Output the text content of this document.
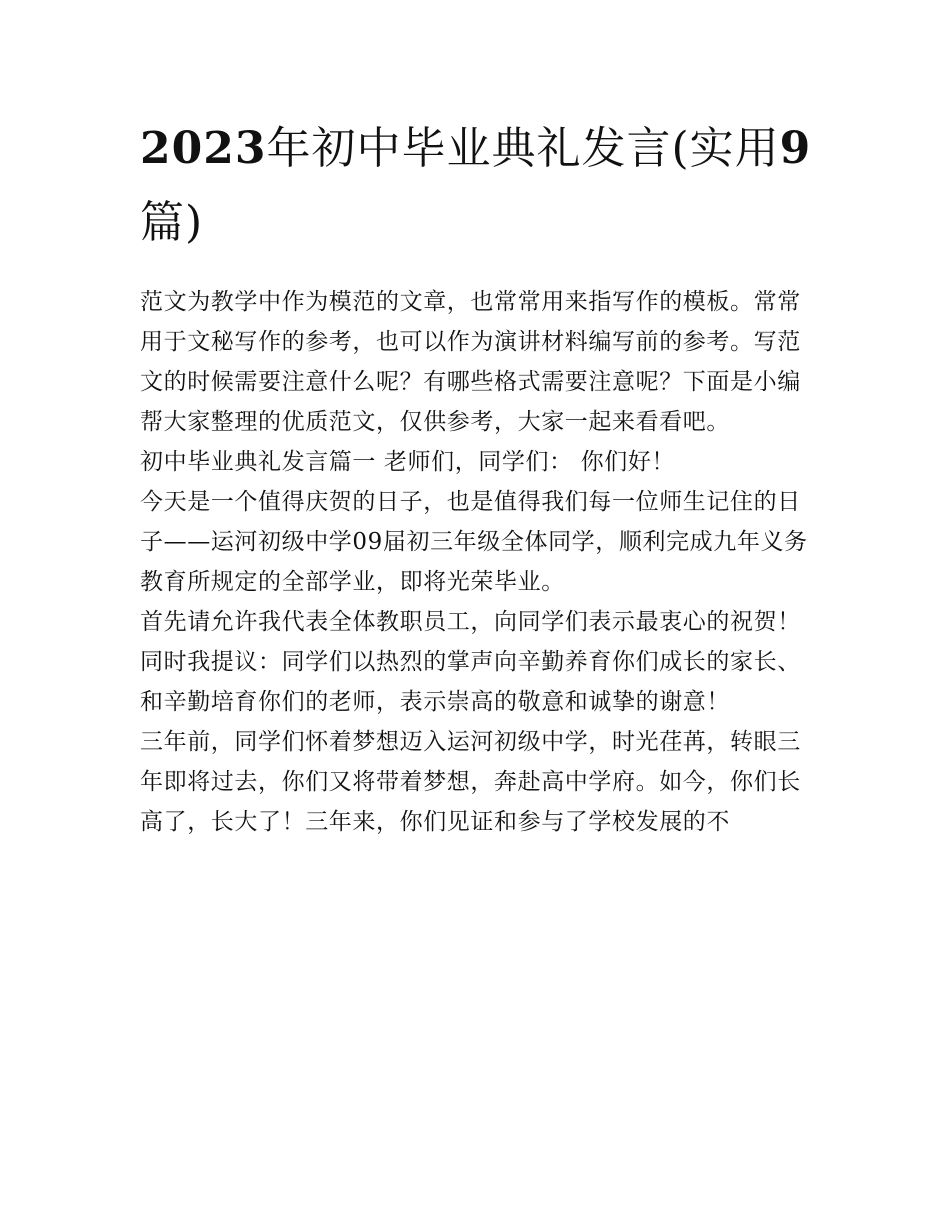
2023年初中毕业典礼发言(实用9篇)

范文为教学中作为模范的文章，也常常用来指写作的模板。常常用于文秘写作的参考，也可以作为演讲材料编写前的参考。写范文的时候需要注意什么呢？有哪些格式需要注意呢？下面是小编帮大家整理的优质范文，仅供参考，大家一起来看看吧。

初中毕业典礼发言篇一 老师们，同学们： 你们好！

今天是一个值得庆贺的日子，也是值得我们每一位师生记住的日子——运河初级中学09届初三年级全体同学，顺利完成九年义务教育所规定的全部学业，即将光荣毕业。

首先请允许我代表全体教职员工，向同学们表示最衷心的祝贺！同时我提议：同学们以热烈的掌声向辛勤养育你们成长的家长、和辛勤培育你们的老师，表示崇高的敬意和诚挚的谢意！

三年前，同学们怀着梦想迈入运河初级中学，时光荏苒，转眼三年即将过去，你们又将带着梦想，奔赴高中学府。如今，你们长高了，长大了！三年来，你们见证和参与了学校发展的不
